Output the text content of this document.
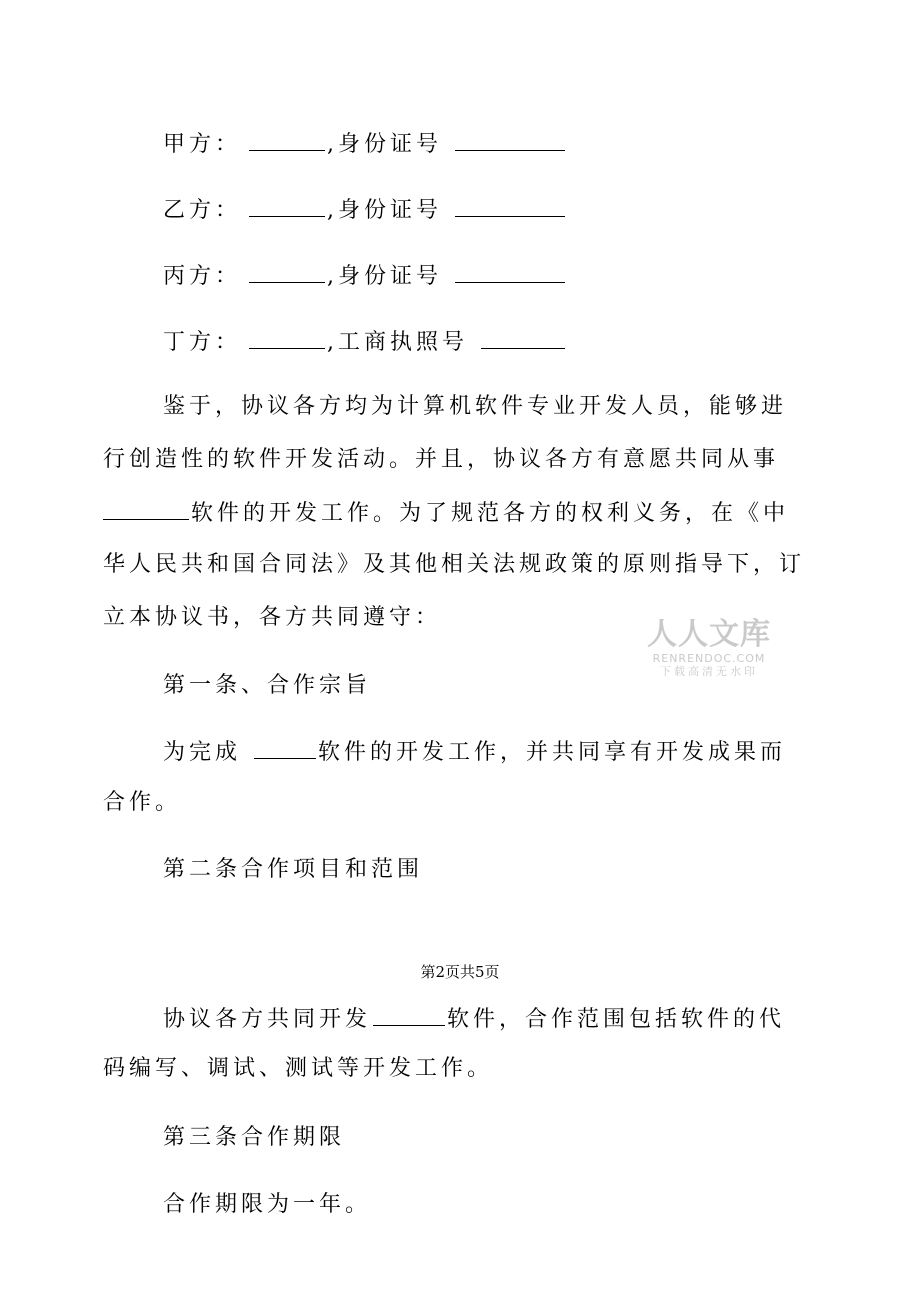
甲方：	,身份证号
乙方：	,身份证号
丙方：	,身份证号
丁方：	,工商执照号
鉴于，协议各方均为计算机软件专业开发人员，能够进
行创造性的软件开发活动。并且，协议各方有意愿共同从事
软件的开发工作。为了规范各方的权利义务，在《中
华人民共和国合同法》及其他相关法规政策的原则指导下，订
立本协议书，各方共同遵守：
第一条、合作宗旨
为完成	软件的开发工作，并共同享有开发成果而
合作。
第二条合作项目和范围
第2页共5页
协议各方共同开发	软件，合作范围包括软件的代
码编写、调试、测试等开发工作。
第三条合作期限
合作期限为一年。
人人文库
RENRENDOC.COM
下载高清无水印
